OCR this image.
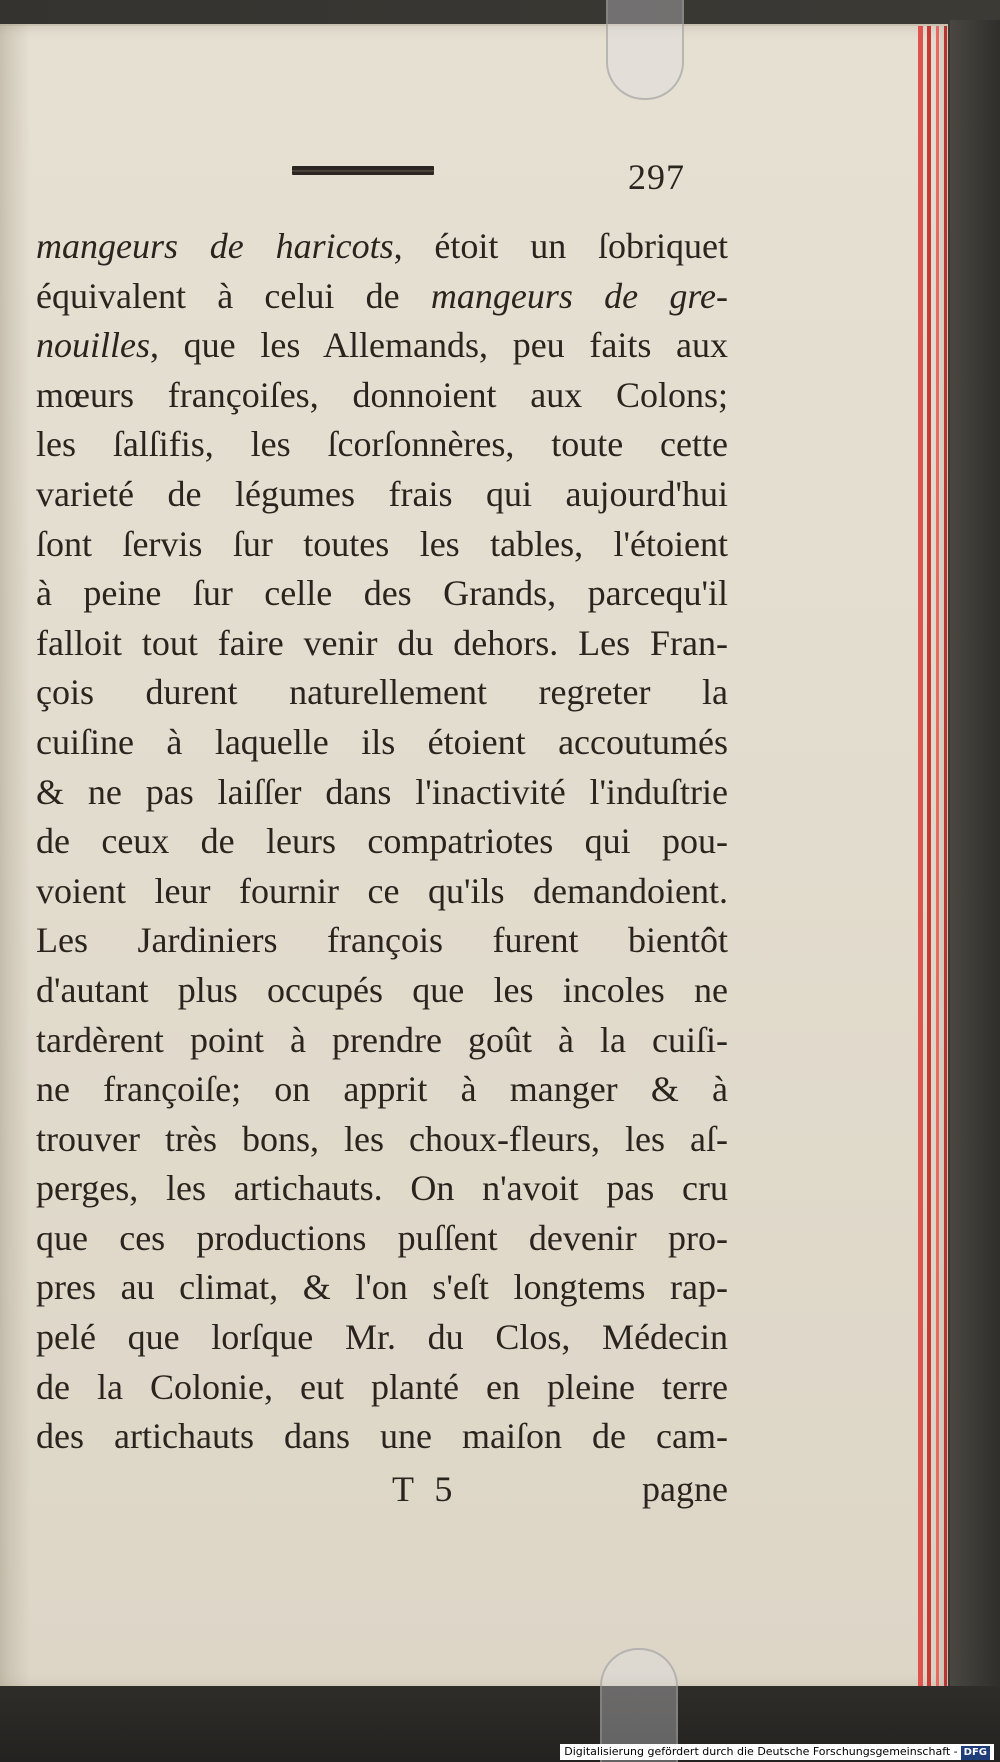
297
mangeurs de haricots, étoit un ſobriquet
équivalent à celui de mangeurs de gre-
nouilles, que les Allemands, peu faits aux
mœurs françoiſes, donnoient aux Colons;
les ſalſifis, les ſcorſonnères, toute cette
varieté de légumes frais qui aujourd'hui
ſont ſervis ſur toutes les tables, l'étoient
à peine ſur celle des Grands, parcequ'il
falloit tout faire venir du dehors. Les Fran-
çois durent naturellement regreter la
cuiſine à laquelle ils étoient accoutumés
& ne pas laiſſer dans l'inactivité l'induſtrie
de ceux de leurs compatriotes qui pou-
voient leur fournir ce qu'ils demandoient.
Les Jardiniers françois furent bientôt
d'autant plus occupés que les incoles ne
tardèrent point à prendre goût à la cuiſi-
ne françoiſe; on apprit à manger & à
trouver très bons, les choux-fleurs, les aſ-
perges, les artichauts. On n'avoit pas cru
que ces productions puſſent devenir pro-
pres au climat, & l'on s'eſt longtems rap-
pelé que lorſque Mr. du Clos, Médecin
de la Colonie, eut planté en pleine terre
des artichauts dans une maiſon de cam-
T 5	pagne
Digitalisierung gefördert durch die Deutsche Forschungsgemeinschaft - DFG
